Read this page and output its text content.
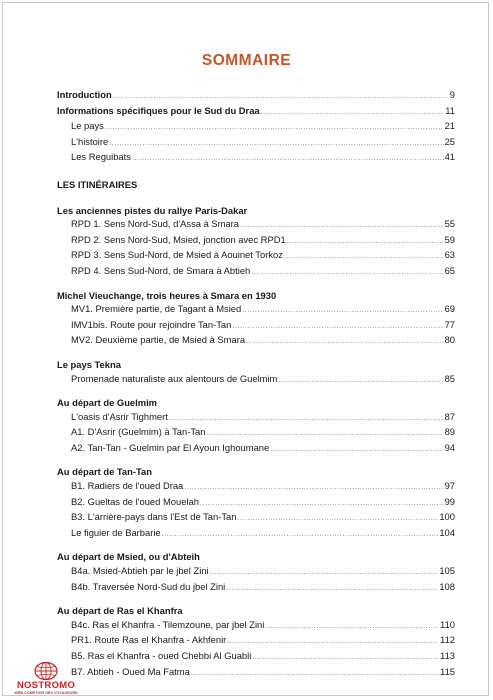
SOMMAIRE
Introduction .....	9
Informations spécifiques pour le Sud du Draa .....	11
Le pays .....	21
L'histoire .....	25
Les Reguibats .....	41
LES ITINÉRAIRES
Les anciennes pistes du rallye Paris-Dakar
RPD 1. Sens Nord-Sud, d'Assa à Smara .....	55
RPD 2. Sens Nord-Sud, Msied, jonction avec RPD1 .....	59
RPD 3. Sens Sud-Nord, de Msied à Aouinet Torkoz .....	63
RPD 4. Sens Sud-Nord, de Smara à Abtieh .....	65
Michel Vieuchange, trois heures à Smara en 1930
MV1. Première partie, de Tagant à Msied .....	69
IMV1bis. Route pour rejoindre Tan-Tan .....	77
MV2. Deuxième partie, de Msied à Smara .....	80
Le pays Tekna
Promenade naturaliste aux alentours de Guelmim .....	85
Au départ de Guelmim
L'oasis d'Asrir Tighmert .....	87
A1. D'Asrir (Guelmim) à Tan-Tan .....	89
A2. Tan-Tan - Guelmin par El Ayoun Ighoumane .....	94
Au départ de Tan-Tan
B1. Radiers de l'oued Draa .....	97
B2. Gueltas de l'oued Mouelah .....	99
B3. L'arrière-pays dans l'Est de Tan-Tan .....	100
Le figuier de Barbarie .....	104
Au départ de Msied, ou d'Abteih
B4a. Msied-Abtieh par le jbel Zini .....	105
B4b. Traversée Nord-Sud du jbel Zini .....	108
Au départ de Ras el Khanfra
B4c. Ras el Khanfra - Tilemzoune, par jbel Zini .....	110
PR1. Route Ras el Khanfra - Akhfenir .....	112
B5. Ras el Khanfra - oued Chebbi Al Guabli .....	113
B7. Abtieh - Oued Ma Fatma .....	115
NOSTROMO
WEB COMPTOIR DES VOYAGEURS
